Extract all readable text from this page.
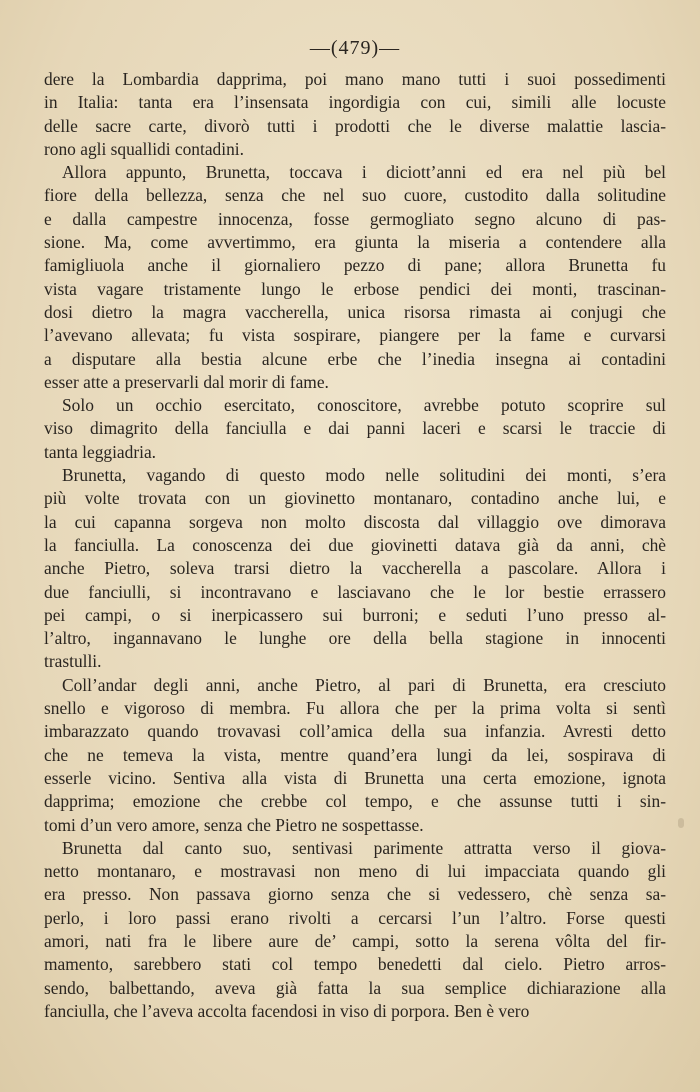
—(479)—
dere la Lombardia dapprima, poi mano mano tutti i suoi possedimenti
in Italia: tanta era l’insensata ingordigia con cui, simili alle locuste
delle sacre carte, divorò tutti i prodotti che le diverse malattie lascia-
rono agli squallidi contadini.
Allora appunto, Brunetta, toccava i diciott’anni ed era nel più bel
fiore della bellezza, senza che nel suo cuore, custodito dalla solitudine
e dalla campestre innocenza, fosse germogliato segno alcuno di pas-
sione. Ma, come avvertimmo, era giunta la miseria a contendere alla
famigliuola anche il giornaliero pezzo di pane; allora Brunetta fu
vista vagare tristamente lungo le erbose pendici dei monti, trascinan-
dosi dietro la magra vaccherella, unica risorsa rimasta ai conjugi che
l’avevano allevata; fu vista sospirare, piangere per la fame e curvarsi
a disputare alla bestia alcune erbe che l’inedia insegna ai contadini
esser atte a preservarli dal morir di fame.
Solo un occhio esercitato, conoscitore, avrebbe potuto scoprire sul
viso dimagrito della fanciulla e dai panni laceri e scarsi le traccie di
tanta leggiadria.
Brunetta, vagando di questo modo nelle solitudini dei monti, s’era
più volte trovata con un giovinetto montanaro, contadino anche lui, e
la cui capanna sorgeva non molto discosta dal villaggio ove dimorava
la fanciulla. La conoscenza dei due giovinetti datava già da anni, chè
anche Pietro, soleva trarsi dietro la vaccherella a pascolare. Allora i
due fanciulli, si incontravano e lasciavano che le lor bestie errassero
pei campi, o si inerpicassero sui burroni; e seduti l’uno presso al-
l’altro, ingannavano le lunghe ore della bella stagione in innocenti
trastulli.
Coll’andar degli anni, anche Pietro, al pari di Brunetta, era cresciuto
snello e vigoroso di membra. Fu allora che per la prima volta si sentì
imbarazzato quando trovavasi coll’amica della sua infanzia. Avresti detto
che ne temeva la vista, mentre quand’era lungi da lei, sospirava di
esserle vicino. Sentiva alla vista di Brunetta una certa emozione, ignota
dapprima; emozione che crebbe col tempo, e che assunse tutti i sin-
tomi d’un vero amore, senza che Pietro ne sospettasse.
Brunetta dal canto suo, sentivasi parimente attratta verso il giova-
netto montanaro, e mostravasi non meno di lui impacciata quando gli
era presso. Non passava giorno senza che si vedessero, chè senza sa-
perlo, i loro passi erano rivolti a cercarsi l’un l’altro. Forse questi
amori, nati fra le libere aure de’ campi, sotto la serena vôlta del fir-
mamento, sarebbero stati col tempo benedetti dal cielo. Pietro arros-
sendo, balbettando, aveva già fatta la sua semplice dichiarazione alla
fanciulla, che l’aveva accolta facendosi in viso di porpora. Ben è vero
